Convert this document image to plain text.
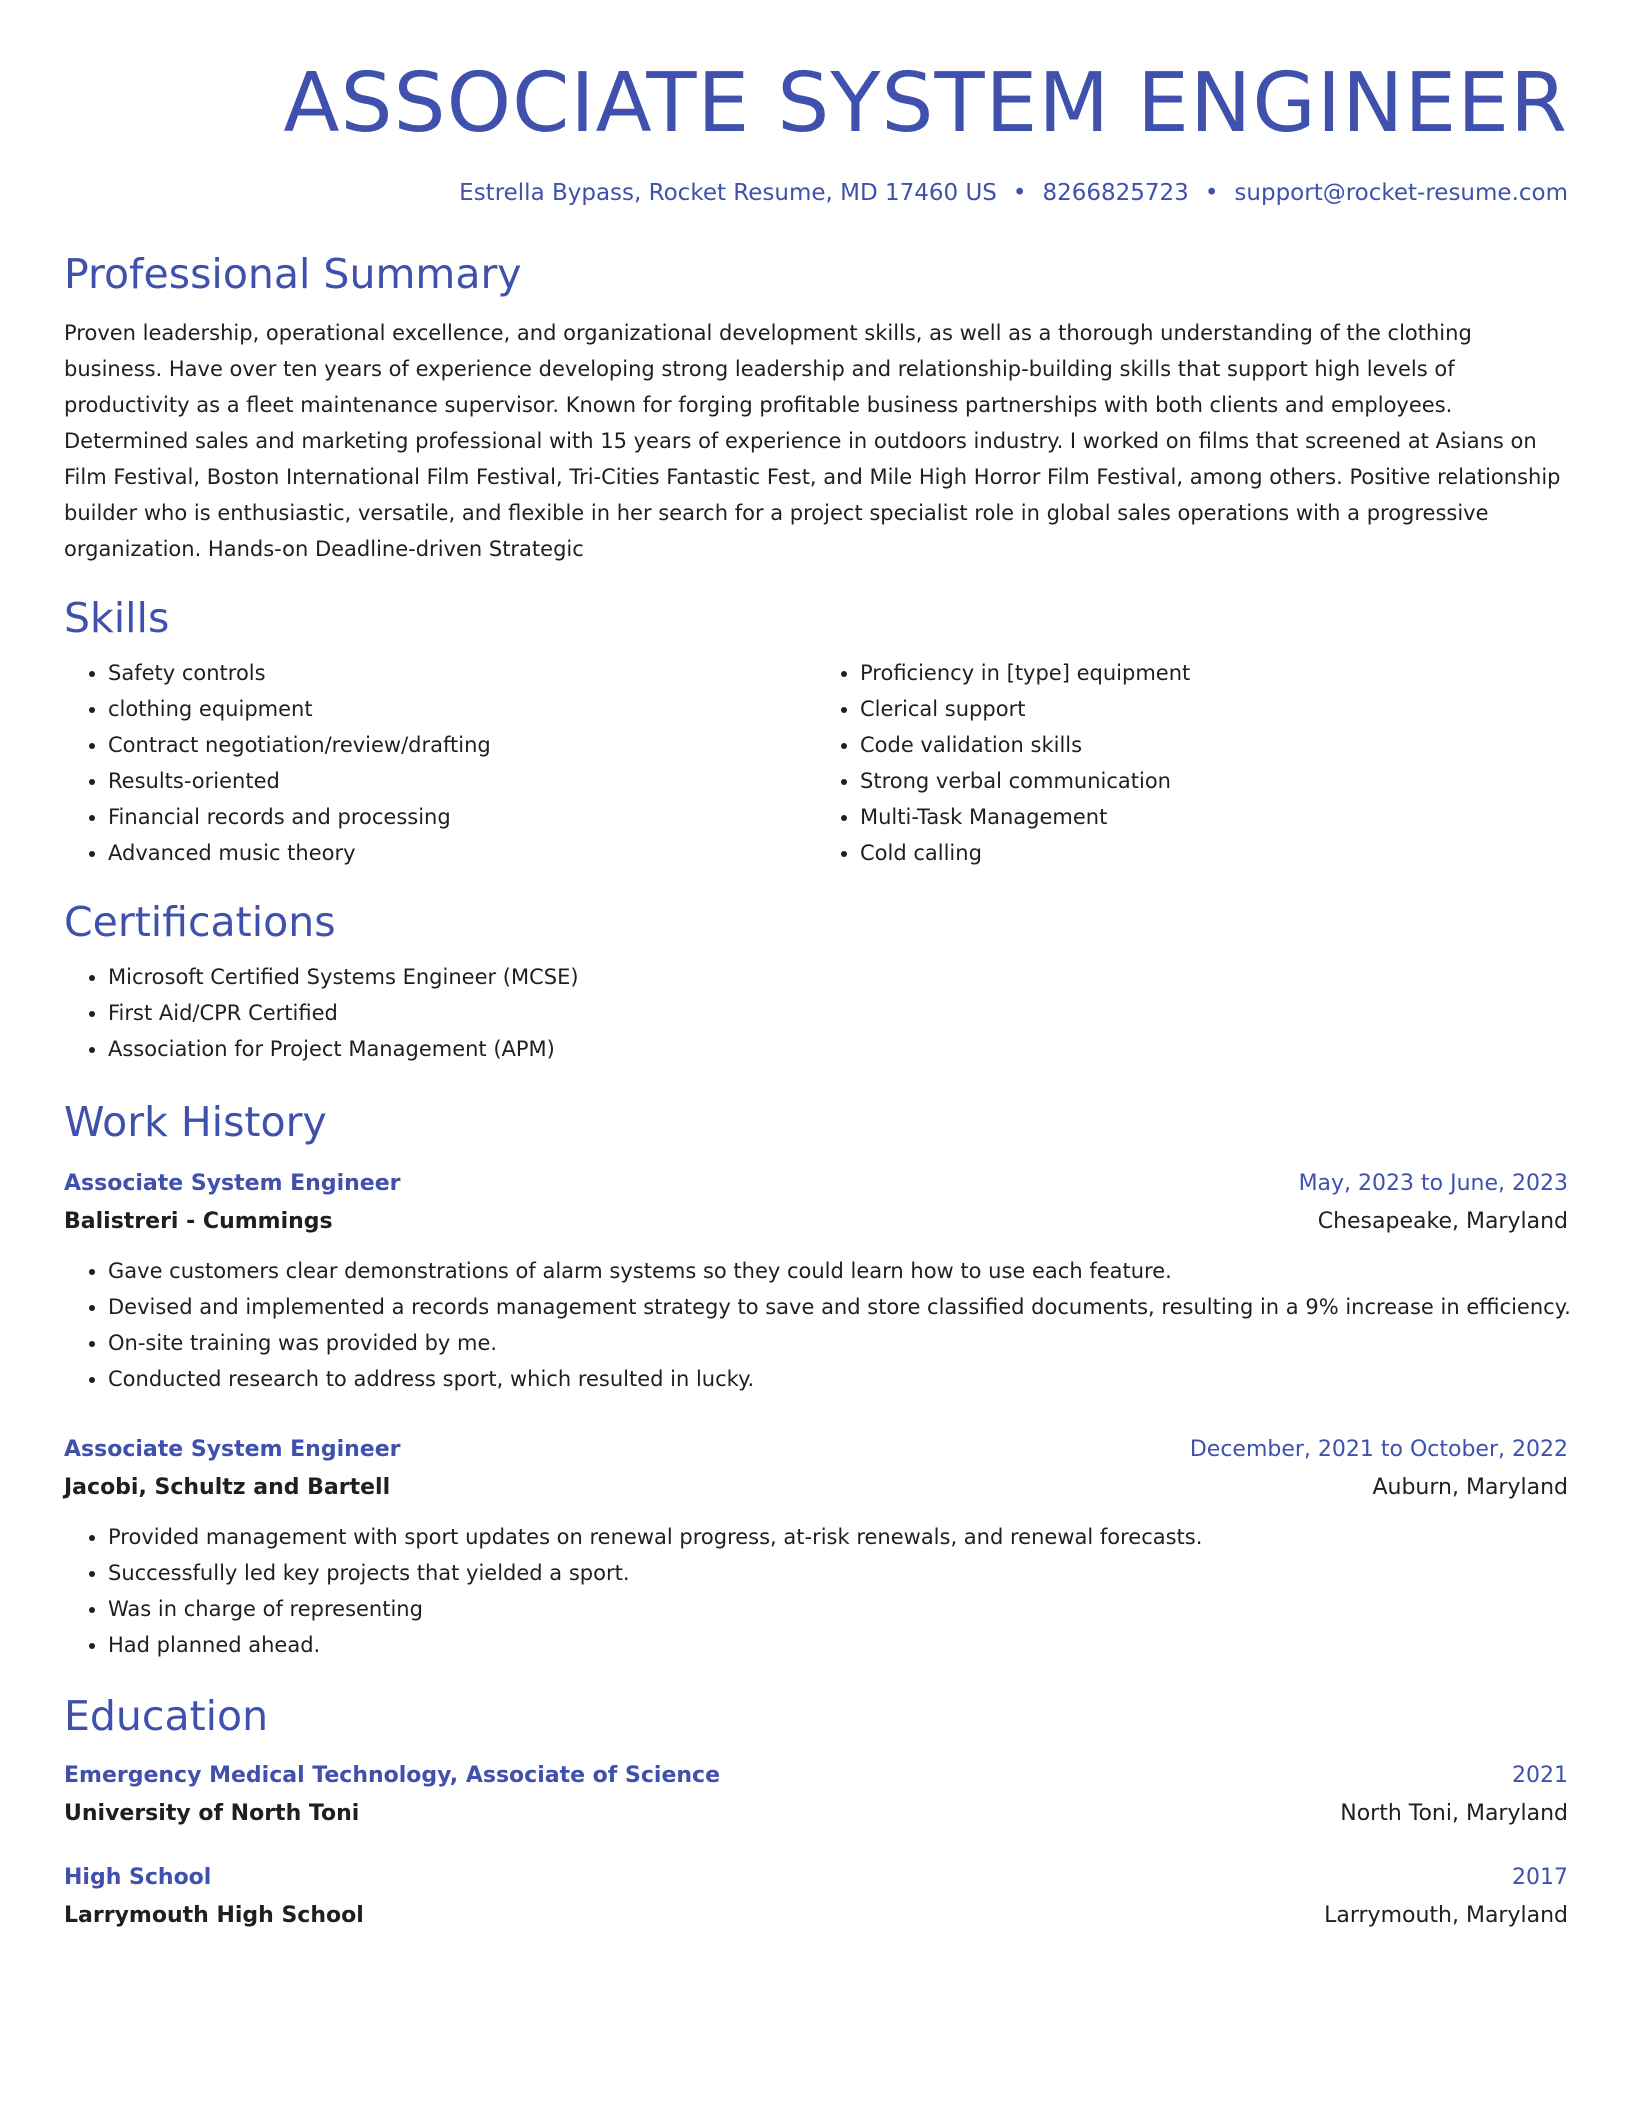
ASSOCIATE SYSTEM ENGINEER
Estrella Bypass, Rocket Resume, MD 17460 US • 8266825723 • support@rocket-resume.com
Professional Summary
Proven leadership, operational excellence, and organizational development skills, as well as a thorough understanding of the clothing business. Have over ten years of experience developing strong leadership and relationship-building skills that support high levels of productivity as a fleet maintenance supervisor. Known for forging profitable business partnerships with both clients and employees. Determined sales and marketing professional with 15 years of experience in outdoors industry. I worked on films that screened at Asians on Film Festival, Boston International Film Festival, Tri-Cities Fantastic Fest, and Mile High Horror Film Festival, among others. Positive relationship builder who is enthusiastic, versatile, and flexible in her search for a project specialist role in global sales operations with a progressive organization. Hands-on Deadline-driven Strategic
Skills
• Safety controls
• clothing equipment
• Contract negotiation/review/drafting
• Results-oriented
• Financial records and processing
• Advanced music theory
• Proficiency in [type] equipment
• Clerical support
• Code validation skills
• Strong verbal communication
• Multi-Task Management
• Cold calling
Certifications
• Microsoft Certified Systems Engineer (MCSE)
• First Aid/CPR Certified
• Association for Project Management (APM)
Work History
Associate System Engineer	May, 2023 to June, 2023
Balistreri - Cummings	Chesapeake, Maryland
• Gave customers clear demonstrations of alarm systems so they could learn how to use each feature.
• Devised and implemented a records management strategy to save and store classified documents, resulting in a 9% increase in efficiency.
• On-site training was provided by me.
• Conducted research to address sport, which resulted in lucky.
Associate System Engineer	December, 2021 to October, 2022
Jacobi, Schultz and Bartell	Auburn, Maryland
• Provided management with sport updates on renewal progress, at-risk renewals, and renewal forecasts.
• Successfully led key projects that yielded a sport.
• Was in charge of representing
• Had planned ahead.
Education
Emergency Medical Technology, Associate of Science	2021
University of North Toni	North Toni, Maryland
High School	2017
Larrymouth High School	Larrymouth, Maryland
